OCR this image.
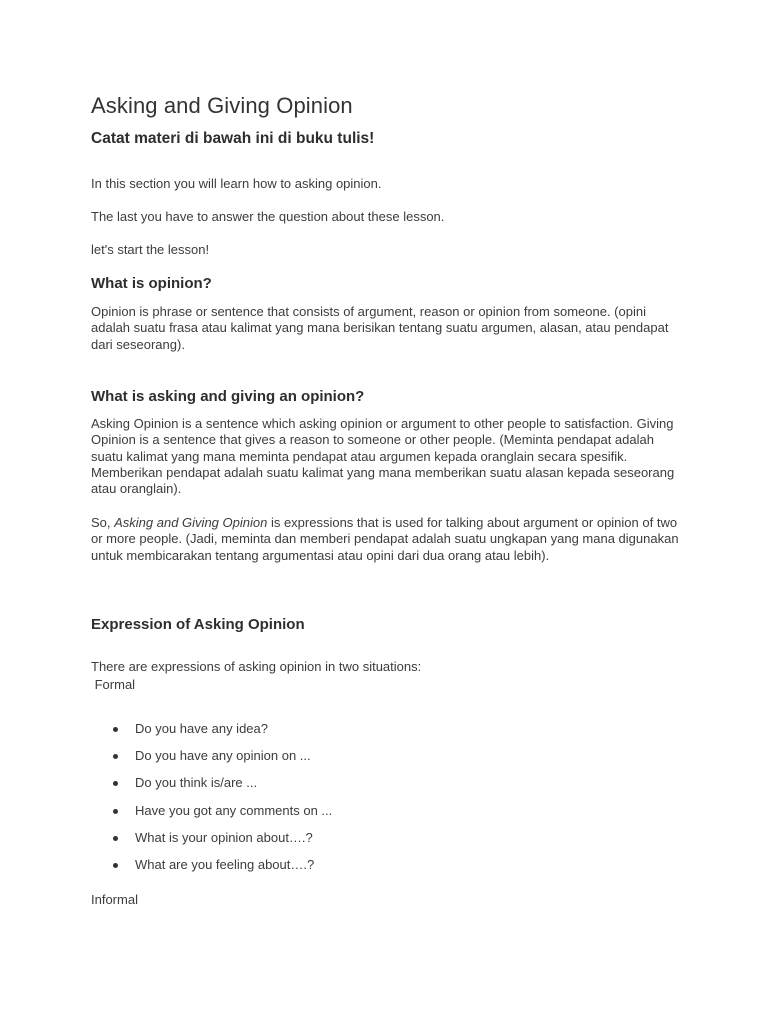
Asking and Giving Opinion

Catat materi di bawah ini di buku tulis!

In this section you will learn how to asking opinion.

The last you have to answer the question about these lesson.

let's start the lesson!

What is opinion?

Opinion is phrase or sentence that consists of argument, reason or opinion from someone. (opini adalah suatu frasa atau kalimat yang mana berisikan tentang suatu argumen, alasan, atau pendapat dari seseorang).

What is asking and giving an opinion?

Asking Opinion is a sentence which asking opinion or argument to other people to satisfaction. Giving Opinion is a sentence that gives a reason to someone or other people. (Meminta pendapat adalah suatu kalimat yang mana meminta pendapat atau argumen kepada oranglain secara spesifik. Memberikan pendapat adalah suatu kalimat yang mana memberikan suatu alasan kepada seseorang atau oranglain).

So, Asking and Giving Opinion is expressions that is used for talking about argument or opinion of two or more people. (Jadi, meminta dan memberi pendapat adalah suatu ungkapan yang mana digunakan untuk membicarakan tentang argumentasi atau opini dari dua orang atau lebih).

Expression of Asking Opinion

There are expressions of asking opinion in two situations:

Formal

Do you have any idea?
Do you have any opinion on ...
Do you think is/are ...
Have you got any comments on ...
What is your opinion about….?
What are you feeling about….?

Informal
